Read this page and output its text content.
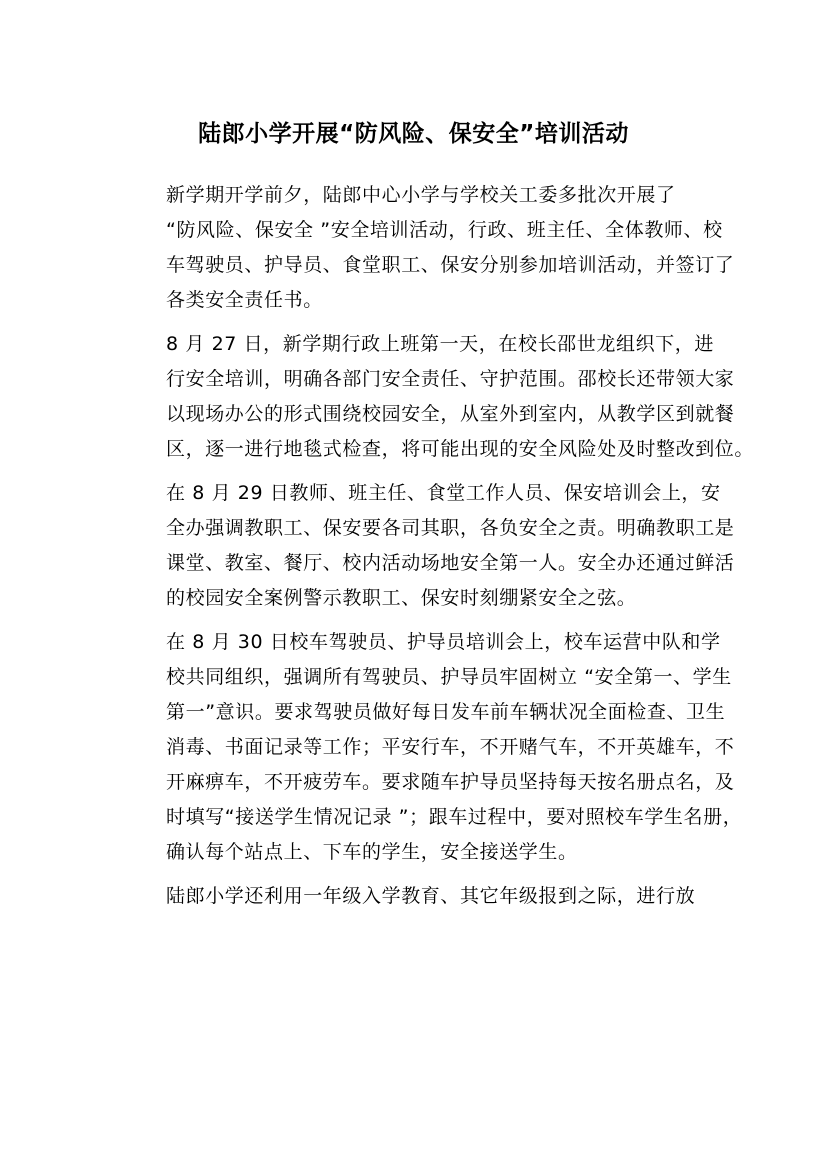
陆郎小学开展“防风险、保安全”培训活动
新学期开学前夕，陆郎中心小学与学校关工委多批次开展了
“防风险、保安全 ”安全培训活动，行政、班主任、全体教师、校
车驾驶员、护导员、食堂职工、保安分别参加培训活动，并签订了
各类安全责任书。
8 月 27 日，新学期行政上班第一天，在校长邵世龙组织下，进
行安全培训，明确各部门安全责任、守护范围。邵校长还带领大家
以现场办公的形式围绕校园安全，从室外到室内，从教学区到就餐
区，逐一进行地毯式检查，将可能出现的安全风险处及时整改到位。
在 8 月 29 日教师、班主任、食堂工作人员、保安培训会上，安
全办强调教职工、保安要各司其职，各负安全之责。明确教职工是
课堂、教室、餐厅、校内活动场地安全第一人。安全办还通过鲜活
的校园安全案例警示教职工、保安时刻绷紧安全之弦。
在 8 月 30 日校车驾驶员、护导员培训会上，校车运营中队和学
校共同组织，强调所有驾驶员、护导员牢固树立 “安全第一、学生
第一”意识。要求驾驶员做好每日发车前车辆状况全面检查、卫生
消毒、书面记录等工作；平安行车，不开赌气车，不开英雄车，不
开麻痹车，不开疲劳车。要求随车护导员坚持每天按名册点名，及
时填写“接送学生情况记录 ”；跟车过程中，要对照校车学生名册，
确认每个站点上、下车的学生，安全接送学生。
陆郎小学还利用一年级入学教育、其它年级报到之际，进行放
